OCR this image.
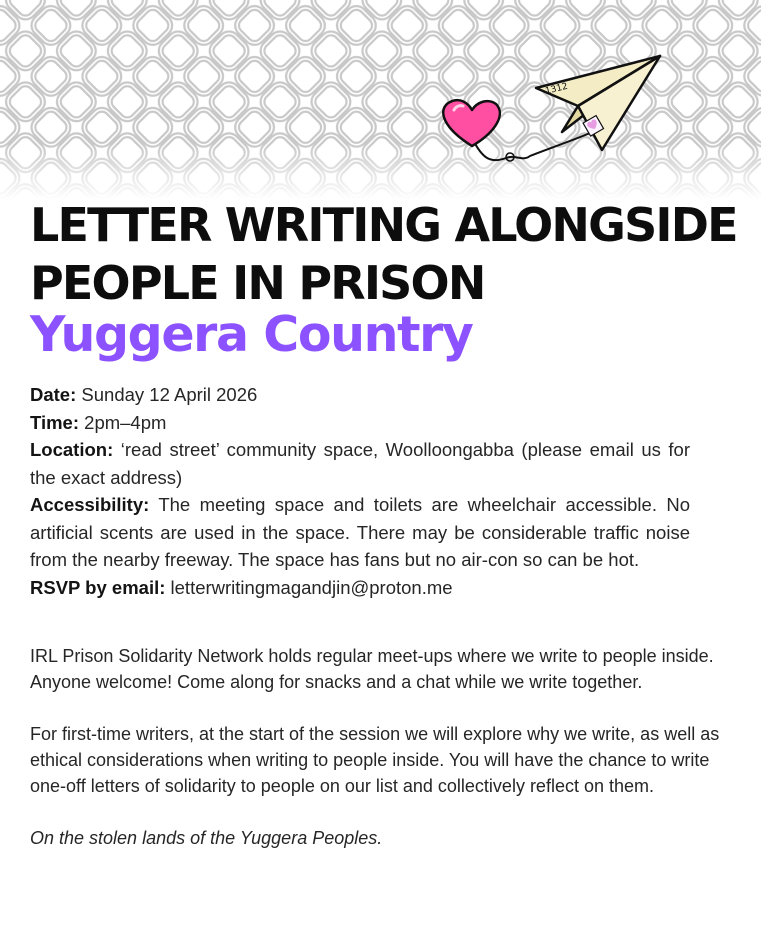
1312
LETTER WRITING ALONGSIDE PEOPLE IN PRISON
Yuggera Country

Date: Sunday 12 April 2026

Time: 2pm–4pm

Location: ‘read street’ community space, Woolloongabba (please email us for the exact address)

Accessibility: The meeting space and toilets are wheelchair accessible. No artificial scents are used in the space. There may be considerable traffic noise from the nearby freeway. The space has fans but no air-con so can be hot.

RSVP by email: letterwritingmagandjin@proton.me

IRL Prison Solidarity Network holds regular meet-ups where we write to people inside. Anyone welcome! Come along for snacks and a chat while we write together.

For first-time writers, at the start of the session we will explore why we write, as well as ethical considerations when writing to people inside. You will have the chance to write one-off letters of solidarity to people on our list and collectively reflect on them.

On the stolen lands of the Yuggera Peoples.
